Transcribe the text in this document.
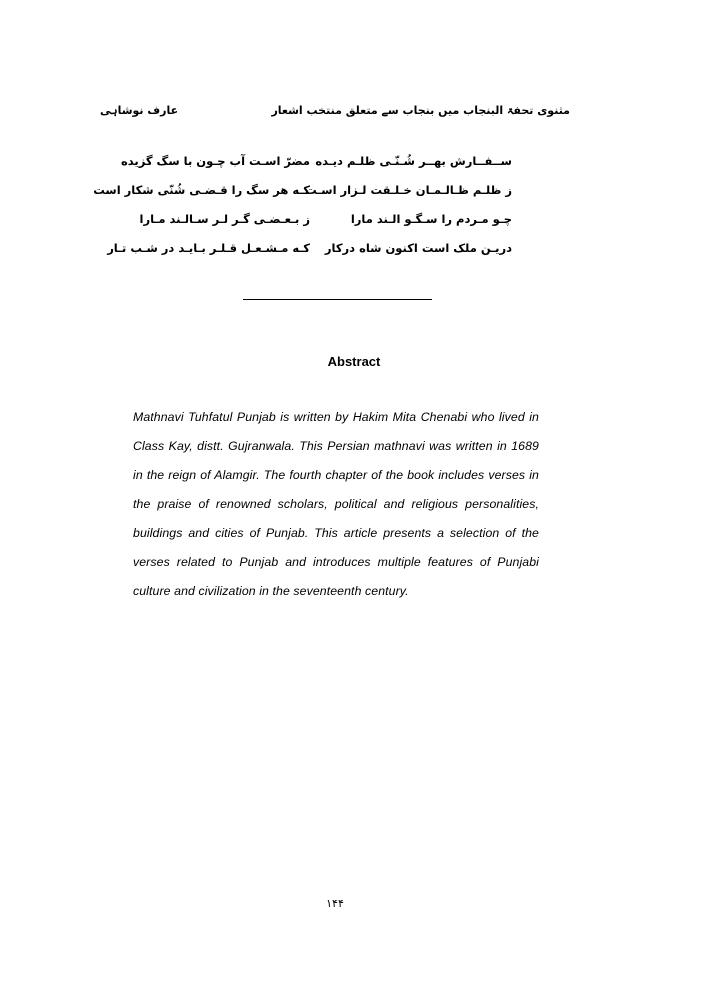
مثنوی تحفۃ البنجاب میں بنجاب سے متعلق منتخب اشعار
عارف نوشاہی
ســفــارش بھــر شُـنّـی ظلـم دیـده
مضرّ اسـت آب چـون با سگ گزیده
ز ظلـم ظـالـمـان خـلـقت لـزار اسـت
کـه هر سگ را قـضـی شُنّی شکار است
چـو مـردم را سـگـو الـند مارا
ز بـعـضـی گـر لـر سـالـند مـارا
دریـن ملک است اکنون شاه درکار
کـه مـشـعـل قـلـر بـایـد در شـب تـار
Abstract

Mathnavi Tuhfatul Punjab is written by Hakim Mita Chenabi who lived in Class Kay, distt. Gujranwala. This Persian mathnavi was written in 1689 in the reign of Alamgir. The fourth chapter of the book includes verses in the praise of renowned scholars, political and religious personalities, buildings and cities of Punjab. This article presents a selection of the verses related to Punjab and introduces multiple features of Punjabi culture and civilization in the seventeenth century.

۱۴۴
